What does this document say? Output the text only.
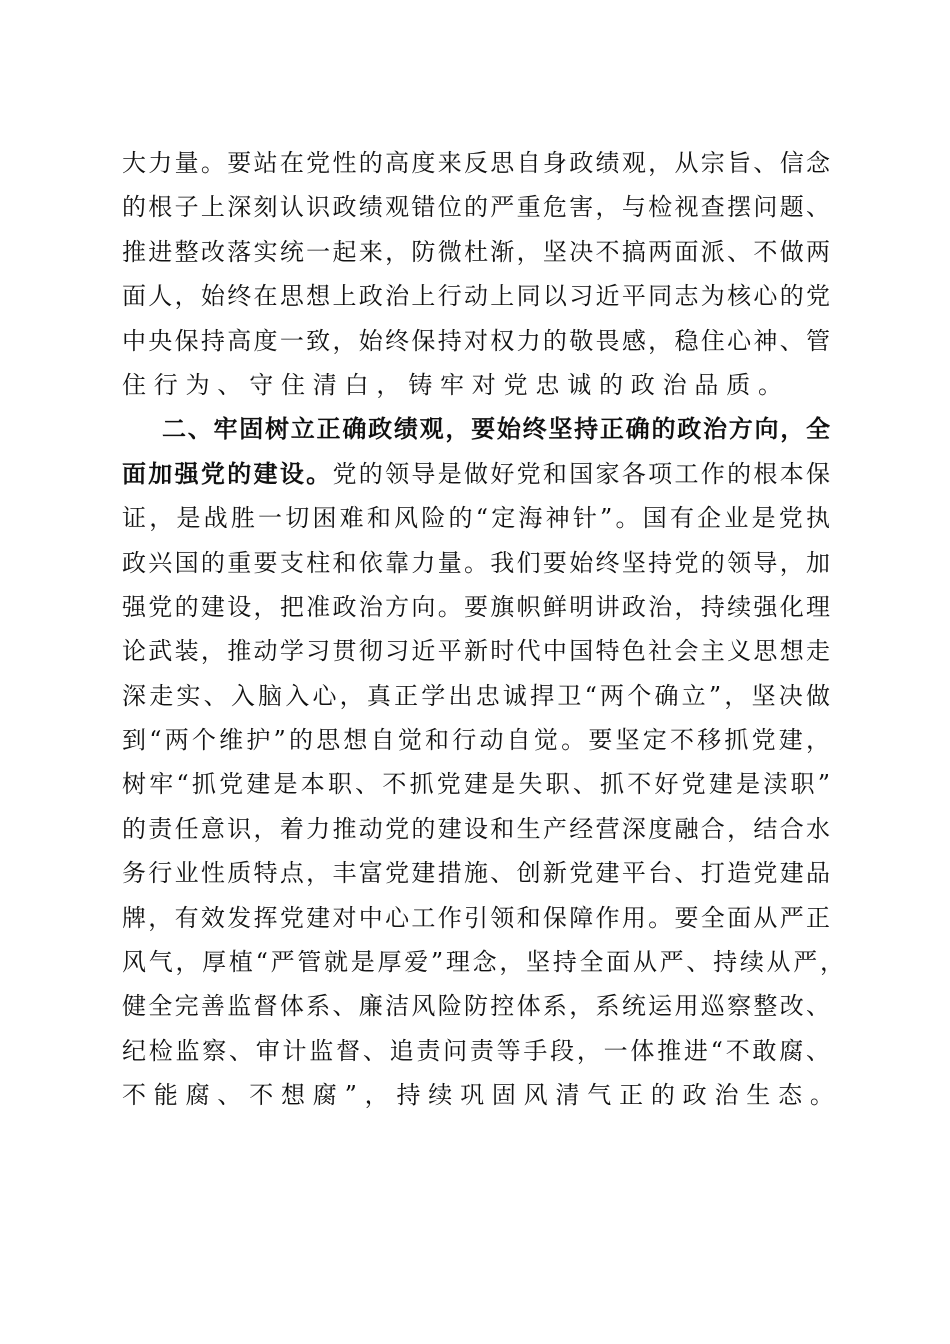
大力量。要站在党性的高度来反思自身政绩观，从宗旨、信念
的根子上深刻认识政绩观错位的严重危害，与检视查摆问题、
推进整改落实统一起来，防微杜渐，坚决不搞两面派、不做两
面人，始终在思想上政治上行动上同以习近平同志为核心的党
中央保持高度一致，始终保持对权力的敬畏感，稳住心神、管
住行为、守住清白，铸牢对党忠诚的政治品质。
二、牢固树立正确政绩观，要始终坚持正确的政治方向，全
面加强党的建设。党的领导是做好党和国家各项工作的根本保
证，是战胜一切困难和风险的“定海神针”。国有企业是党执
政兴国的重要支柱和依靠力量。我们要始终坚持党的领导，加
强党的建设，把准政治方向。要旗帜鲜明讲政治，持续强化理
论武装，推动学习贯彻习近平新时代中国特色社会主义思想走
深走实、入脑入心，真正学出忠诚捍卫“两个确立”，坚决做
到“两个维护”的思想自觉和行动自觉。要坚定不移抓党建，
树牢“抓党建是本职、不抓党建是失职、抓不好党建是渎职”
的责任意识，着力推动党的建设和生产经营深度融合，结合水
务行业性质特点，丰富党建措施、创新党建平台、打造党建品
牌，有效发挥党建对中心工作引领和保障作用。要全面从严正
风气，厚植“严管就是厚爱”理念，坚持全面从严、持续从严，
健全完善监督体系、廉洁风险防控体系，系统运用巡察整改、
纪检监察、审计监督、追责问责等手段，一体推进“不敢腐、
不能腐、不想腐”，持续巩固风清气正的政治生态。
